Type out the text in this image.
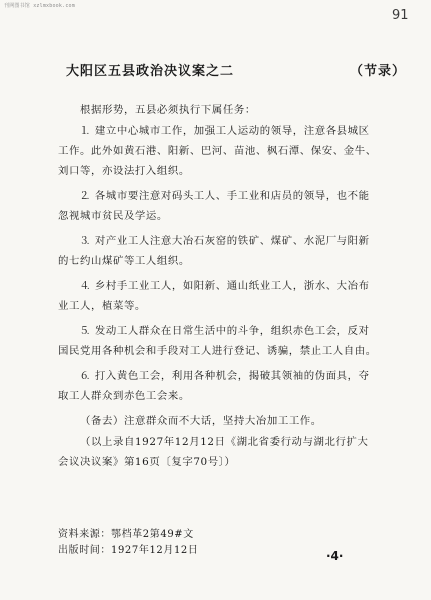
刊网图书馆 xzlmxbook.com
91
大阳区五县政治决议案之二	（节录）

根据形势，五县必须执行下属任务：

⒈ 建立中心城市工作，加强工人运动的领导，注意各县城区工作。此外如黄石港、阳新、巴河、苗池、枫石潭、保安、金牛、刘口等，亦设法打入组织。

⒉ 各城市要注意对码头工人、手工业和店员的领导，也不能忽视城市贫民及学运。

⒊ 对产业工人注意大冶石灰窑的铁矿、煤矿、水泥厂与阳新的七约山煤矿等工人组织。

⒋ 乡村手工业工人，如阳新、通山纸业工人，浙水、大冶布业工人，植菜等。

⒌ 发动工人群众在日常生活中的斗争，组织赤色工会，反对国民党用各种机会和手段对工人进行登记、诱骗，禁止工人自由。

⒍ 打入黄色工会，利用各种机会，揭破其领袖的伪面具，夺取工人群众到赤色工会来。

（备去）注意群众而不大话，坚持大冶加工工作。

（以上录自1927年12月12日《湖北省委行动与湖北行扩大会议决议案》第16页〔复字70号〕）

资料来源：鄂档革2第49#文
出版时间：1927年12月12日	·4·
